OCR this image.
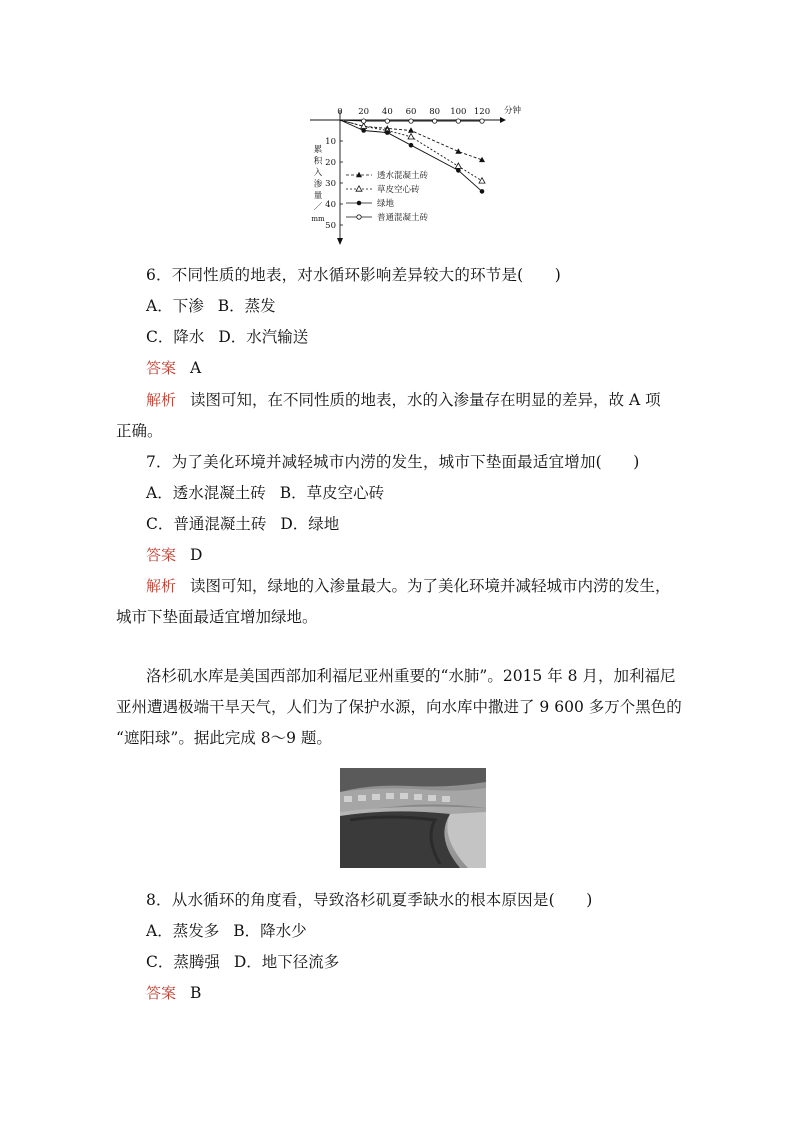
0 20 40 60 80 100 120
10
20
30
40
50
分钟
累
积
入
渗
量
／
mm
透水混凝土砖
草皮空心砖
绿地
普通混凝土砖
6．不同性质的地表，对水循环影响差异较大的环节是(　　)
A．下渗 B．蒸发
C．降水 D．水汽输送
答案 A
解析 读图可知，在不同性质的地表，水的入渗量存在明显的差异，故 A 项
正确。
7．为了美化环境并减轻城市内涝的发生，城市下垫面最适宜增加(　　)
A．透水混凝土砖 B．草皮空心砖
C．普通混凝土砖 D．绿地
答案 D
解析 读图可知，绿地的入渗量最大。为了美化环境并减轻城市内涝的发生，
城市下垫面最适宜增加绿地。
洛杉矶水库是美国西部加利福尼亚州重要的“水肺”。2015 年 8 月，加利福尼
亚州遭遇极端干旱天气，人们为了保护水源，向水库中撒进了 9 600 多万个黑色的
“遮阳球”。据此完成 8～9 题。
8．从水循环的角度看，导致洛杉矶夏季缺水的根本原因是(　　)
A．蒸发多 B．降水少
C．蒸腾强 D．地下径流多
答案 B
